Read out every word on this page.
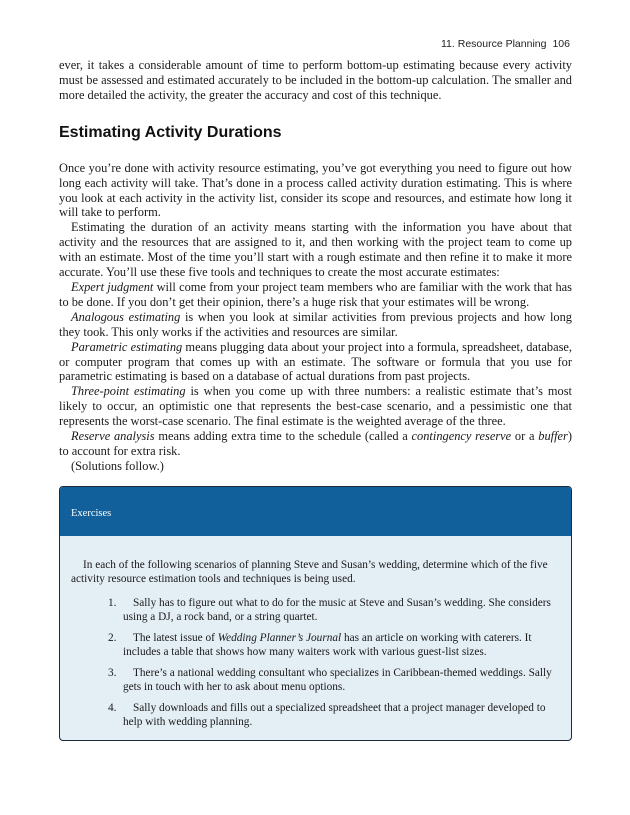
11. Resource Planning 106

ever, it takes a considerable amount of time to perform bottom-up estimating because every activity must be assessed and estimated accurately to be included in the bottom-up calculation. The smaller and more detailed the activity, the greater the accuracy and cost of this technique.

Estimating Activity Durations

Once you’re done with activity resource estimating, you’ve got everything you need to figure out how long each activity will take. That’s done in a process called activity duration estimating. This is where you look at each activity in the activity list, consider its scope and resources, and estimate how long it will take to perform.

Estimating the duration of an activity means starting with the information you have about that activity and the resources that are assigned to it, and then working with the project team to come up with an estimate. Most of the time you’ll start with a rough estimate and then refine it to make it more accurate. You’ll use these five tools and techniques to create the most accurate estimates:

Expert judgment will come from your project team members who are familiar with the work that has to be done. If you don’t get their opinion, there’s a huge risk that your estimates will be wrong.

Analogous estimating is when you look at similar activities from previous projects and how long they took. This only works if the activities and resources are similar.

Parametric estimating means plugging data about your project into a formula, spreadsheet, database, or computer program that comes up with an estimate. The software or formula that you use for parametric estimating is based on a database of actual durations from past projects.

Three-point estimating is when you come up with three numbers: a realistic estimate that’s most likely to occur, an optimistic one that represents the best-case scenario, and a pessimistic one that represents the worst-case scenario. The final estimate is the weighted average of the three.

Reserve analysis means adding extra time to the schedule (called a contingency reserve or a buffer) to account for extra risk.

(Solutions follow.)

Exercises

In each of the following scenarios of planning Steve and Susan’s wedding, determine which of the five activity resource estimation tools and techniques is being used.

1.	Sally has to figure out what to do for the music at Steve and Susan’s wedding. She considers using a DJ, a rock band, or a string quartet.
2.	The latest issue of Wedding Planner’s Journal has an article on working with caterers. It includes a table that shows how many waiters work with various guest-list sizes.
3.	There’s a national wedding consultant who specializes in Caribbean-themed weddings. Sally gets in touch with her to ask about menu options.
4.	Sally downloads and fills out a specialized spreadsheet that a project manager developed to help with wedding planning.
